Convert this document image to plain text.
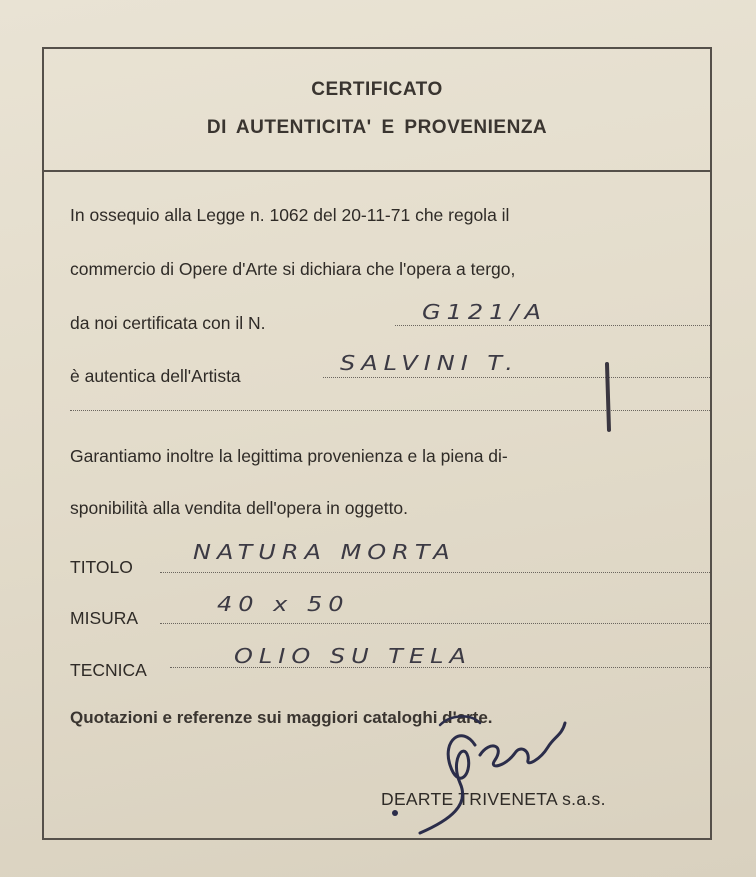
CERTIFICATO
DI AUTENTICITA' E PROVENIENZA
In ossequio alla Legge n. 1062 del 20-11-71 che regola il
commercio di Opere d'Arte si dichiara che l'opera a tergo,
da noi certificata con il N.	G121/A
è autentica dell'Artista
SALVINI T.
Garantiamo inoltre la legittima provenienza e la piena di-
sponibilità alla vendita dell'opera in oggetto.
TITOLO
NATURA MORTA
MISURA
40 x 50
TECNICA
OLIO SU TELA
Quotazioni e referenze sui maggiori cataloghi d'arte.
DEARTE TRIVENETA s.a.s.
